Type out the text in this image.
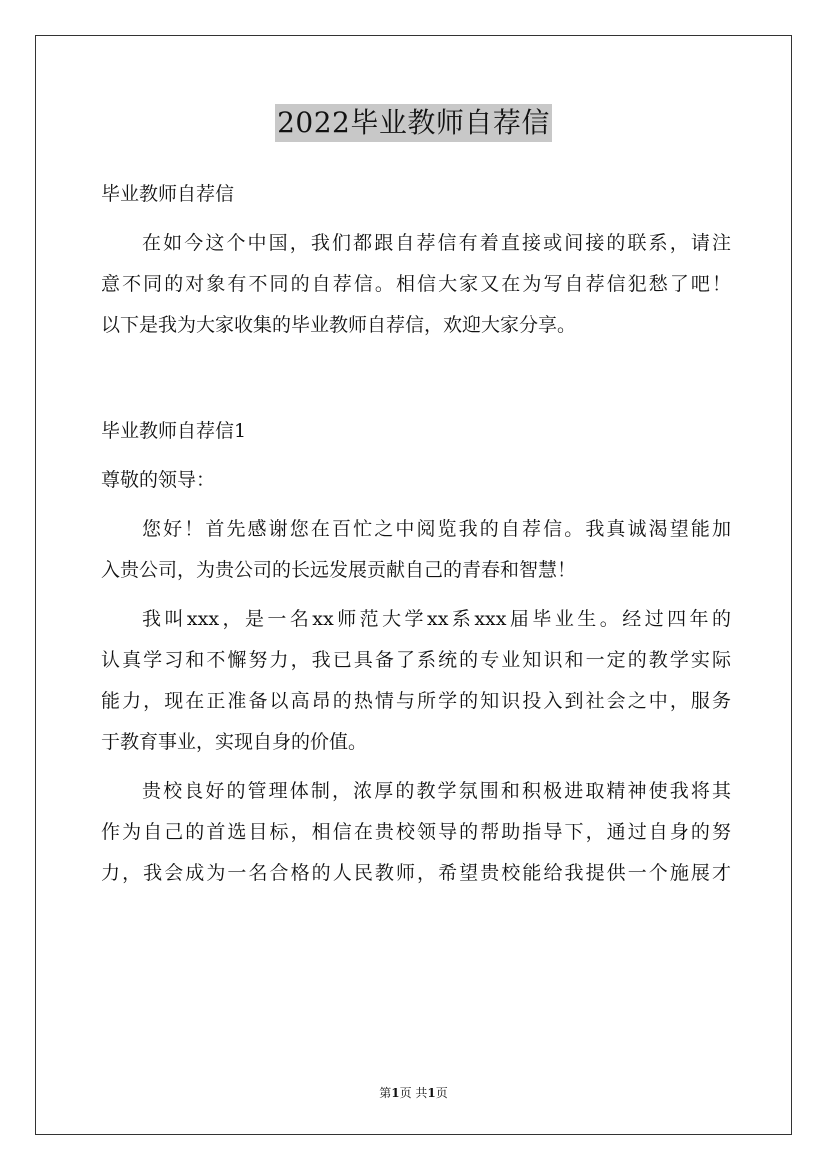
2022毕业教师自荐信
毕业教师自荐信
在如今这个中国，我们都跟自荐信有着直接或间接的联系，请注
意不同的对象有不同的自荐信。相信大家又在为写自荐信犯愁了吧！
以下是我为大家收集的毕业教师自荐信，欢迎大家分享。
毕业教师自荐信1
尊敬的领导：
您好！首先感谢您在百忙之中阅览我的自荐信。我真诚渴望能加
入贵公司，为贵公司的长远发展贡献自己的青春和智慧！
我叫xxx，是一名xx师范大学xx系xxx届毕业生。经过四年的
认真学习和不懈努力，我已具备了系统的专业知识和一定的教学实际
能力，现在正准备以高昂的热情与所学的知识投入到社会之中，服务
于教育事业，实现自身的价值。
贵校良好的管理体制，浓厚的教学氛围和积极进取精神使我将其
作为自己的首选目标，相信在贵校领导的帮助指导下，通过自身的努
力，我会成为一名合格的人民教师，希望贵校能给我提供一个施展才
第1页 共1页
